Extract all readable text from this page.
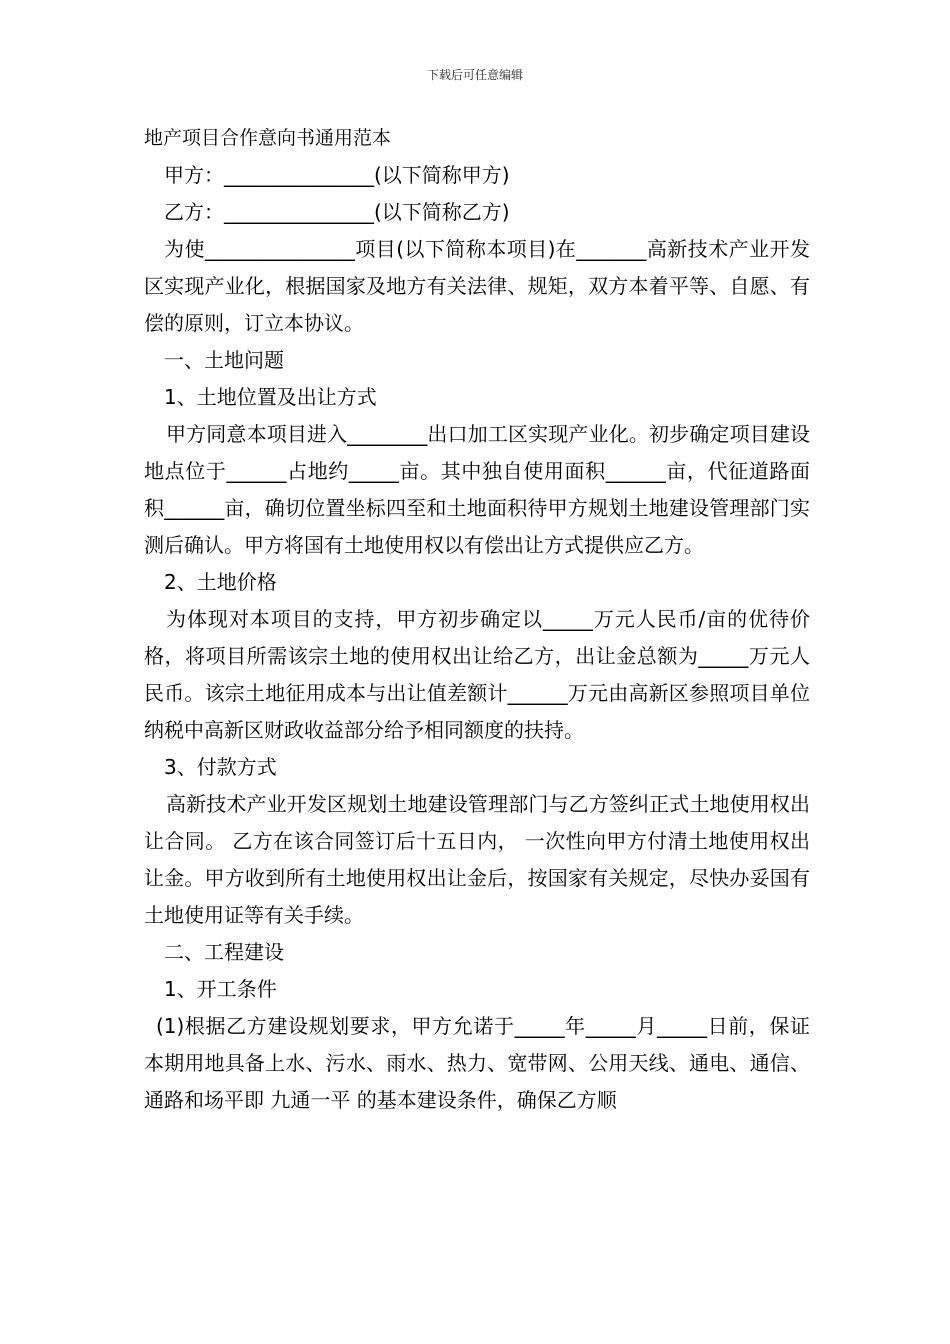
下载后可任意编辑

地产项目合作意向书通用范本

甲方：_______________(以下简称甲方)

乙方：_______________(以下简称乙方)

为使_______________项目(以下简称本项目)在_______高新技术产业开发区实现产业化，根据国家及地方有关法律、规矩，双方本着平等、自愿、有偿的原则，订立本协议。

一、土地问题

1、土地位置及出让方式

甲方同意本项目进入________出口加工区实现产业化。初步确定项目建设地点位于______占地约_____亩。其中独自使用面积______亩，代征道路面积______亩，确切位置坐标四至和土地面积待甲方规划土地建设管理部门实测后确认。甲方将国有土地使用权以有偿出让方式提供应乙方。

2、土地价格

为体现对本项目的支持，甲方初步确定以_____万元人民币/亩的优待价格，将项目所需该宗土地的使用权出让给乙方，出让金总额为_____万元人民币。该宗土地征用成本与出让值差额计______万元由高新区参照项目单位纳税中高新区财政收益部分给予相同额度的扶持。

3、付款方式

高新技术产业开发区规划土地建设管理部门与乙方签纠正式土地使用权出让合同。 乙方在该合同签订后十五日内， 一次性向甲方付清土地使用权出让金。甲方收到所有土地使用权出让金后，按国家有关规定，尽快办妥国有土地使用证等有关手续。

二、工程建设

1、开工条件

(1)根据乙方建设规划要求，甲方允诺于_____年_____月_____日前，保证本期用地具备上水、污水、雨水、热力、宽带网、公用天线、通电、通信、通路和场平即 九通一平 的基本建设条件，确保乙方顺
